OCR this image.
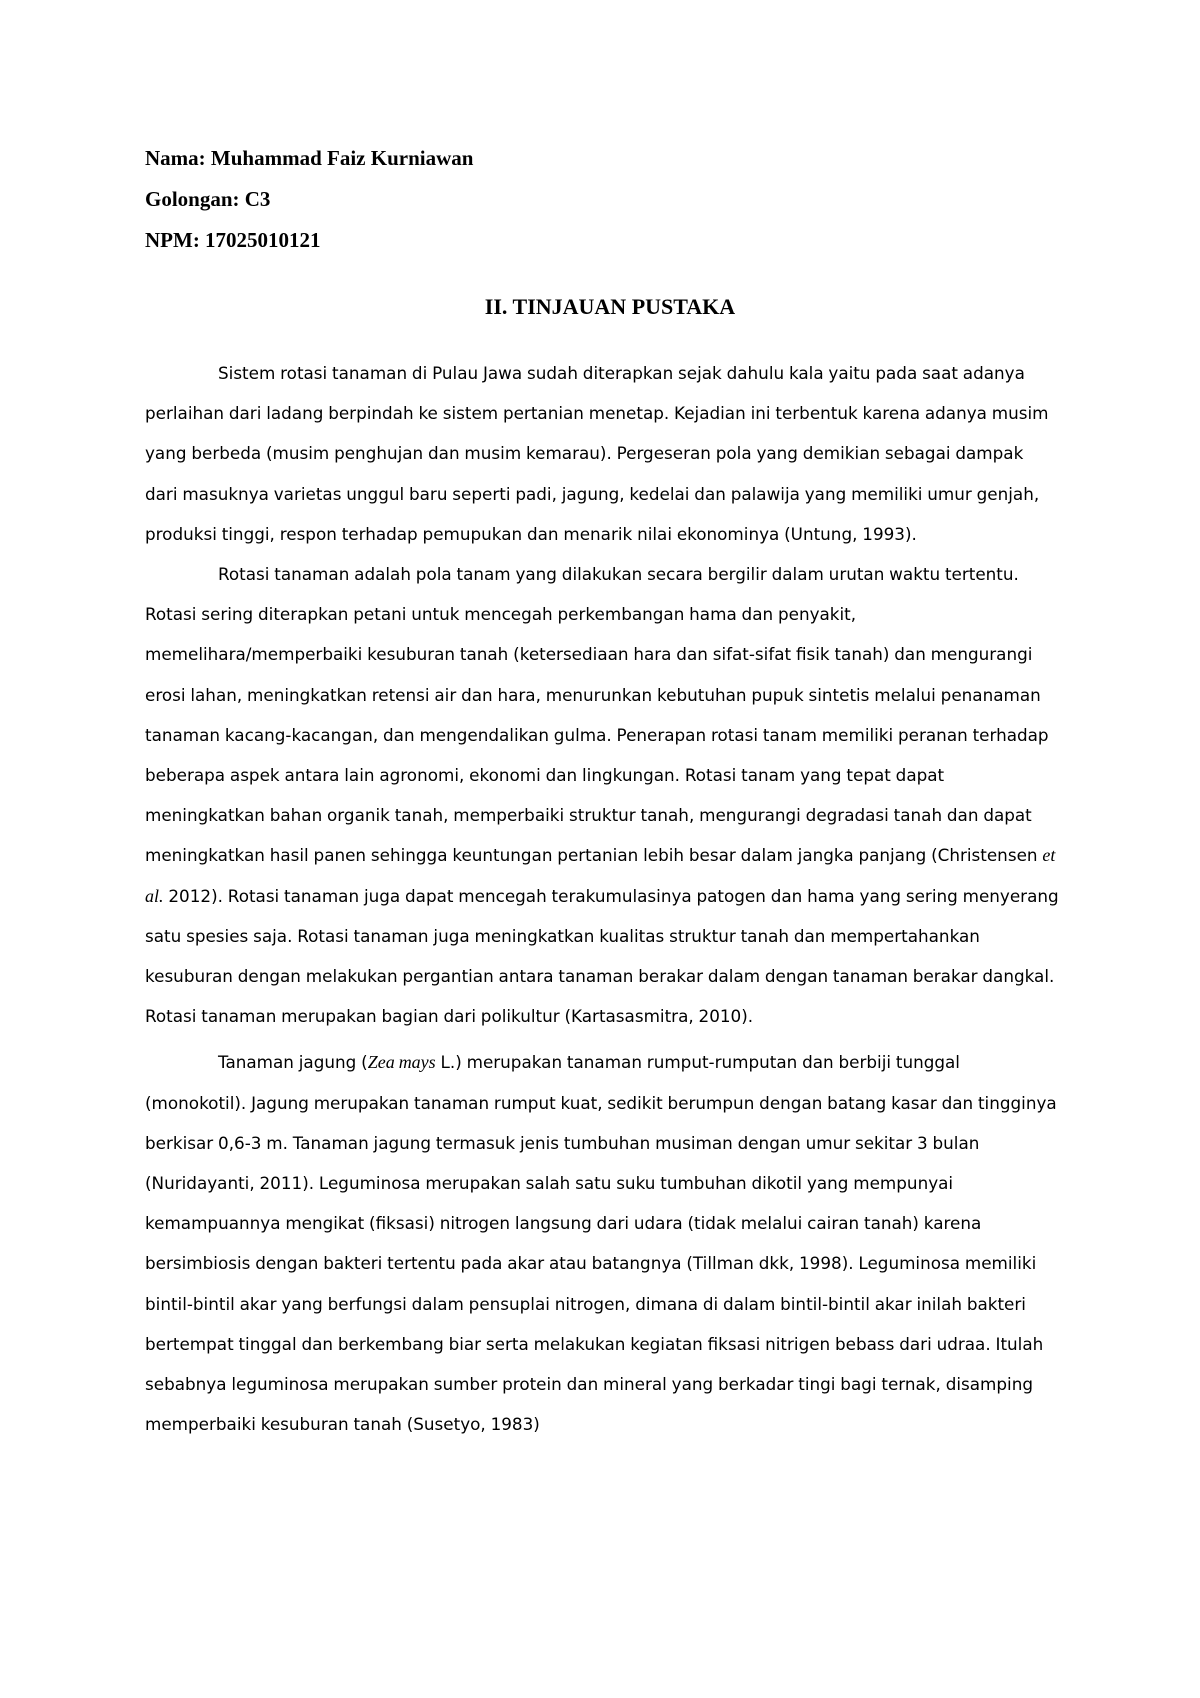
Nama: Muhammad Faiz Kurniawan

Golongan: C3

NPM: 17025010121

II. TINJAUAN PUSTAKA

Sistem rotasi tanaman di Pulau Jawa sudah diterapkan sejak dahulu kala yaitu pada saat adanya perlaihan dari ladang berpindah ke sistem pertanian menetap. Kejadian ini terbentuk karena adanya musim yang berbeda (musim penghujan dan musim kemarau). Pergeseran pola yang demikian sebagai dampak dari masuknya varietas unggul baru seperti padi, jagung, kedelai dan palawija yang memiliki umur genjah, produksi tinggi, respon terhadap pemupukan dan menarik nilai ekonominya (Untung, 1993).

Rotasi tanaman adalah pola tanam yang dilakukan secara bergilir dalam urutan waktu tertentu. Rotasi sering diterapkan petani untuk mencegah perkembangan hama dan penyakit, memelihara/memperbaiki kesuburan tanah (ketersediaan hara dan sifat-sifat fisik tanah) dan mengurangi erosi lahan, meningkatkan retensi air dan hara, menurunkan kebutuhan pupuk sintetis melalui penanaman tanaman kacang-kacangan, dan mengendalikan gulma. Penerapan rotasi tanam memiliki peranan terhadap beberapa aspek antara lain agronomi, ekonomi dan lingkungan. Rotasi tanam yang tepat dapat meningkatkan bahan organik tanah, memperbaiki struktur tanah, mengurangi degradasi tanah dan dapat meningkatkan hasil panen sehingga keuntungan pertanian lebih besar dalam jangka panjang (Christensen et al. 2012). Rotasi tanaman juga dapat mencegah terakumulasinya patogen dan hama yang sering menyerang satu spesies saja. Rotasi tanaman juga meningkatkan kualitas struktur tanah dan mempertahankan kesuburan dengan melakukan pergantian antara tanaman berakar dalam dengan tanaman berakar dangkal. Rotasi tanaman merupakan bagian dari polikultur (Kartasasmitra, 2010).

Tanaman jagung (Zea mays L.) merupakan tanaman rumput-rumputan dan berbiji tunggal (monokotil). Jagung merupakan tanaman rumput kuat, sedikit berumpun dengan batang kasar dan tingginya berkisar 0,6-3 m. Tanaman jagung termasuk jenis tumbuhan musiman dengan umur sekitar 3 bulan (Nuridayanti, 2011). Leguminosa merupakan salah satu suku tumbuhan dikotil yang mempunyai kemampuannya mengikat (fiksasi) nitrogen langsung dari udara (tidak melalui cairan tanah) karena bersimbiosis dengan bakteri tertentu pada akar atau batangnya (Tillman dkk, 1998). Leguminosa memiliki bintil-bintil akar yang berfungsi dalam pensuplai nitrogen, dimana di dalam bintil-bintil akar inilah bakteri bertempat tinggal dan berkembang biar serta melakukan kegiatan fiksasi nitrigen bebass dari udraa. Itulah sebabnya leguminosa merupakan sumber protein dan mineral yang berkadar tingi bagi ternak, disamping memperbaiki kesuburan tanah (Susetyo, 1983)
